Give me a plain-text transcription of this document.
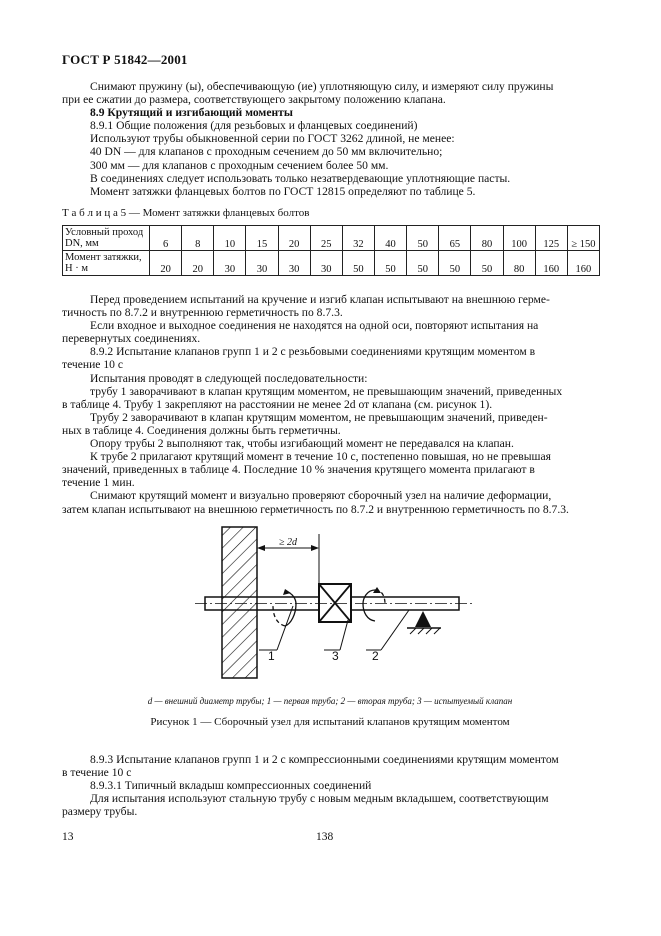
ГОСТ Р 51842—2001
Снимают пружину (ы), обеспечивающую (ие) уплотняющую силу, и измеряют силу пружины
при ее сжатии до размера, соответствующего закрытому положению клапана.
8.9 Крутящий и изгибающий моменты
8.9.1 Общие положения (для резьбовых и фланцевых соединений)
Используют трубы обыкновенной серии по ГОСТ 3262 длиной, не менее:
40 DN — для клапанов с проходным сечением до 50 мм включительно;
300 мм — для клапанов с проходным сечением более 50 мм.
В соединениях следует использовать только незатвердевающие уплотняющие пасты.
Момент затяжки фланцевых болтов по ГОСТ 12815 определяют по таблице 5.
Т а б л и ц а 5 — Момент затяжки фланцевых болтов
Условный проход DN, мм	6	8	10	15	20	25	32	40	50	65	80	100	125	≥ 150
Момент затяжки, Н · м	20	20	30	30	30	30	50	50	50	50	50	80	160	160
Перед проведением испытаний на кручение и изгиб клапан испытывают на внешнюю герме-
тичность по 8.7.2 и внутреннюю герметичность по 8.7.3.
Если входное и выходное соединения не находятся на одной оси, повторяют испытания на
перевернутых соединениях.
8.9.2 Испытание клапанов групп 1 и 2 с резьбовыми соединениями крутящим моментом в
течение 10 с
Испытания проводят в следующей последовательности:
трубу 1 заворачивают в клапан крутящим моментом, не превышающим значений, приведенных
в таблице 4. Трубу 1 закрепляют на расстоянии не менее 2d от клапана (см. рисунок 1).
Трубу 2 заворачивают в клапан крутящим моментом, не превышающим значений, приведен-
ных в таблице 4. Соединения должны быть герметичны.
Опору трубы 2 выполняют так, чтобы изгибающий момент не передавался на клапан.
К трубе 2 прилагают крутящий момент в течение 10 с, постепенно повышая, но не превышая
значений, приведенных в таблице 4. Последние 10 % значения крутящего момента прилагают в
течение 1 мин.
Снимают крутящий момент и визуально проверяют сборочный узел на наличие деформации,
затем клапан испытывают на внешнюю герметичность по 8.7.2 и внутреннюю герметичность по 8.7.3.
≥ 2d
1	3	2
d — внешний диаметр трубы; 1 — первая труба; 2 — вторая труба; 3 — испытуемый клапан
Рисунок 1 — Сборочный узел для испытаний клапанов крутящим моментом
8.9.3 Испытание клапанов групп 1 и 2 с компрессионными соединениями крутящим моментом
в течение 10 с
8.9.3.1 Типичный вкладыш компрессионных соединений
Для испытания используют стальную трубу с новым медным вкладышем, соответствующим
размеру трубы.
13	138
